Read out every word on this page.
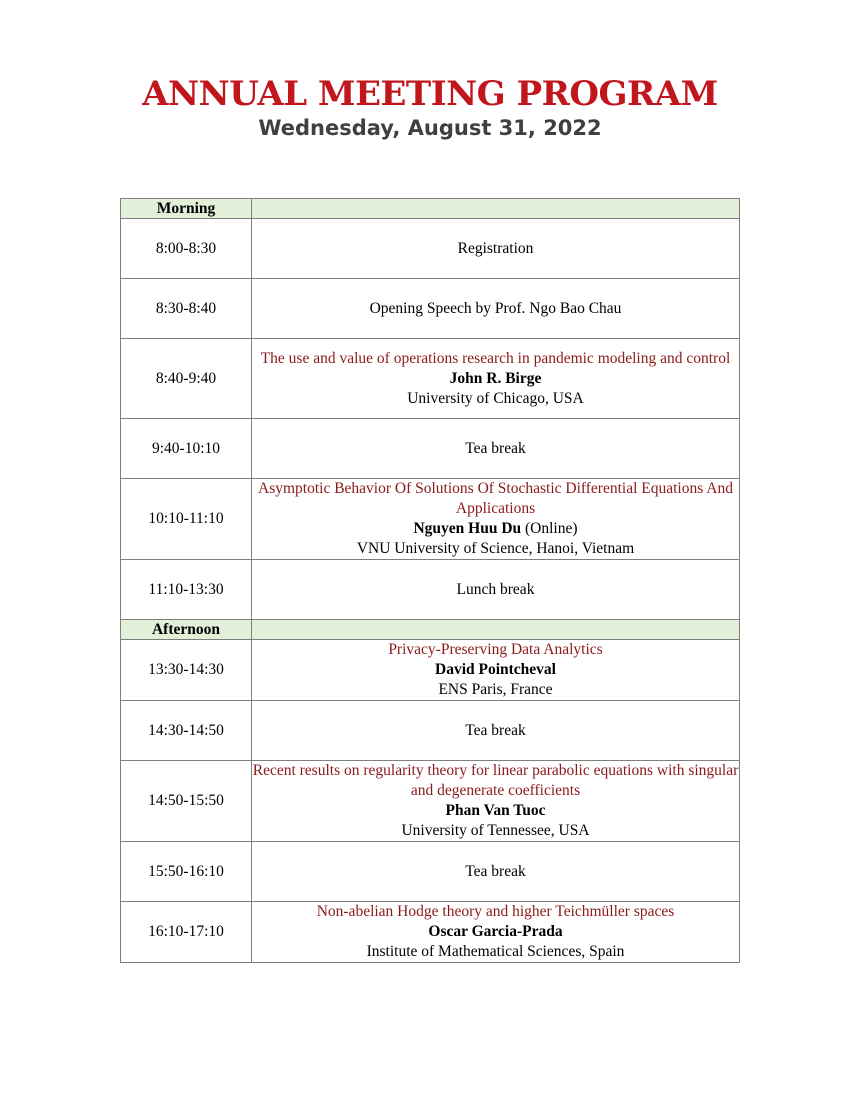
ANNUAL MEETING PROGRAM
Wednesday, August 31, 2022
Morning	
8:00-8:30	Registration
8:30-8:40	Opening Speech by Prof. Ngo Bao Chau
8:40-9:40	The use and value of operations research in pandemic modeling and control
John R. Birge
University of Chicago, USA

9:40-10:10	Tea break
10:10-11:10	Asymptotic Behavior Of Solutions Of Stochastic Differential Equations And Applications
Nguyen Huu Du (Online)
VNU University of Science, Hanoi, Vietnam

11:10-13:30	Lunch break
Afternoon	
13:30-14:30	Privacy-Preserving Data Analytics
David Pointcheval
ENS Paris, France

14:30-14:50	Tea break
14:50-15:50	Recent results on regularity theory for linear parabolic equations with singular and degenerate coefficients
Phan Van Tuoc
University of Tennessee, USA

15:50-16:10	Tea break
16:10-17:10	Non-abelian Hodge theory and higher Teichmüller spaces
Oscar Garcia-Prada
Institute of Mathematical Sciences, Spain
